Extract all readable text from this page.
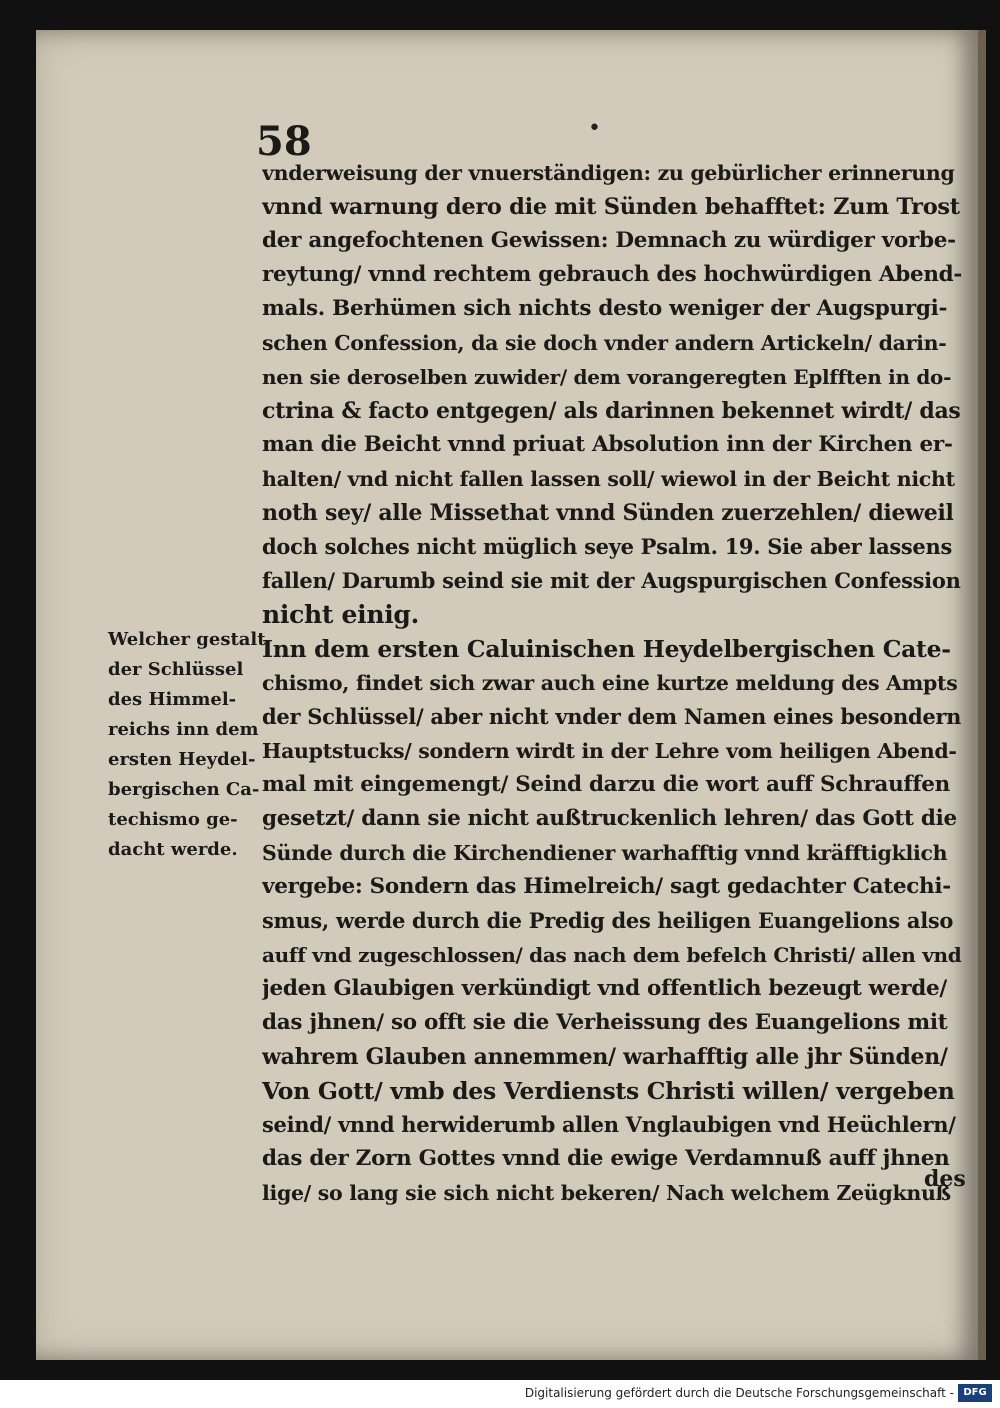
•
58
vnderweisung der vnuerständigen: zu gebürlicher erinnerung
vnnd warnung dero die mit Sünden behafftet: Zum Trost
der angefochtenen Gewissen: Demnach zu würdiger vorbe-
reytung/ vnnd rechtem gebrauch des hochwürdigen Abend-
mals. Berhümen sich nichts desto weniger der Augspurgi-
schen Confession, da sie doch vnder andern Artickeln/ darin-
nen sie deroselben zuwider/ dem vorangeregten Eplfften in do-
ctrina & facto entgegen/ als darinnen bekennet wirdt/ das
man die Beicht vnnd priuat Absolution inn der Kirchen er-
halten/ vnd nicht fallen lassen soll/ wiewol in der Beicht nicht
noth sey/ alle Missethat vnnd Sünden zuerzehlen/ dieweil
doch solches nicht müglich seye Psalm. 19. Sie aber lassens
fallen/ Darumb seind sie mit der Augspurgischen Confession
nicht einig.
Inn dem ersten Caluinischen Heydelbergischen Cate-
chismo, findet sich zwar auch eine kurtze meldung des Ampts
der Schlüssel/ aber nicht vnder dem Namen eines besondern
Hauptstucks/ sondern wirdt in der Lehre vom heiligen Abend-
mal mit eingemengt/ Seind darzu die wort auff Schrauffen
gesetzt/ dann sie nicht außtruckenlich lehren/ das Gott die
Sünde durch die Kirchendiener warhafftig vnnd kräfftigklich
vergebe: Sondern das Himelreich/ sagt gedachter Catechi-
smus, werde durch die Predig des heiligen Euangelions also
auff vnd zugeschlossen/ das nach dem befelch Christi/ allen vnd
jeden Glaubigen verkündigt vnd offentlich bezeugt werde/
das jhnen/ so offt sie die Verheissung des Euangelions mit
wahrem Glauben annemmen/ warhafftig alle jhr Sünden/
Von Gott/ vmb des Verdiensts Christi willen/ vergeben
seind/ vnnd herwiderumb allen Vnglaubigen vnd Heüchlern/
das der Zorn Gottes vnnd die ewige Verdamnuß auff jhnen
lige/ so lang sie sich nicht bekeren/ Nach welchem Zeügknuß
Welcher gestalt
der Schlüssel
des Himmel-
reichs inn dem
ersten Heydel-
bergischen Ca-
techismo ge-
dacht werde.
des
Digitalisierung gefördert durch die Deutsche Forschungsgemeinschaft - DFG
